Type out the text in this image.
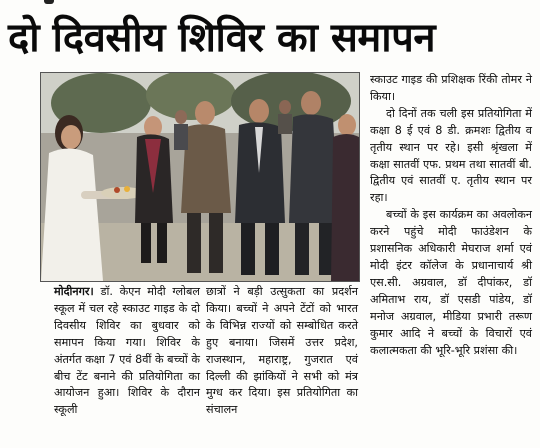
दो दिवसीय शिविर का समापन

मोदीनगर। डॉ. केएन मोदी ग्लोबल स्कूल में चल रहे स्काउट गाइड के दो दिवसीय शिविर का बुधवार को समापन किया गया। शिविर के अंतर्गत कक्षा 7 एवं 8वीं के बच्चों के बीच टेंट बनाने की प्रतियोगिता का आयोजन हुआ। शिविर के दौरान स्कूली

छात्रों ने बड़ी उत्सुकता का प्रदर्शन किया। बच्चों ने अपने टेंटों को भारत के विभिन्न राज्यों को सम्बोधित करते हुए बनाया। जिसमें उत्तर प्रदेश, राजस्थान, महाराष्ट्र, गुजरात एवं दिल्ली की झांकियों ने सभी को मंत्र मुग्ध कर दिया। इस प्रतियोगिता का संचालन

स्काउट गाइड की प्रशिक्षक रिंकी तोमर ने किया।

दो दिनों तक चली इस प्रतियोगिता में कक्षा 8 ई एवं 8 डी. क्रमशः द्वितीय व तृतीय स्थान पर रहे। इसी श्रृंखला में कक्षा सातवीं एफ. प्रथम तथा सातवीं बी. द्वितीय एवं सातवीं ए. तृतीय स्थान पर रहा।

बच्चों के इस कार्यक्रम का अवलोकन करने पहुंचे मोदी फाउंडेशन के प्रशासनिक अधिकारी मेघराज शर्मा एवं मोदी इंटर कॉलेज के प्रधानाचार्य श्री एस.सी. अग्रवाल, डॉ दीपांकर, डॉ अमिताभ राय, डॉ एसडी पांडेय, डॉ मनोज अग्रवाल, मीडिया प्रभारी तरूण कुमार आदि ने बच्चों के विचारों एवं कलात्मकता की भूरि-भूरि प्रशंसा की।
